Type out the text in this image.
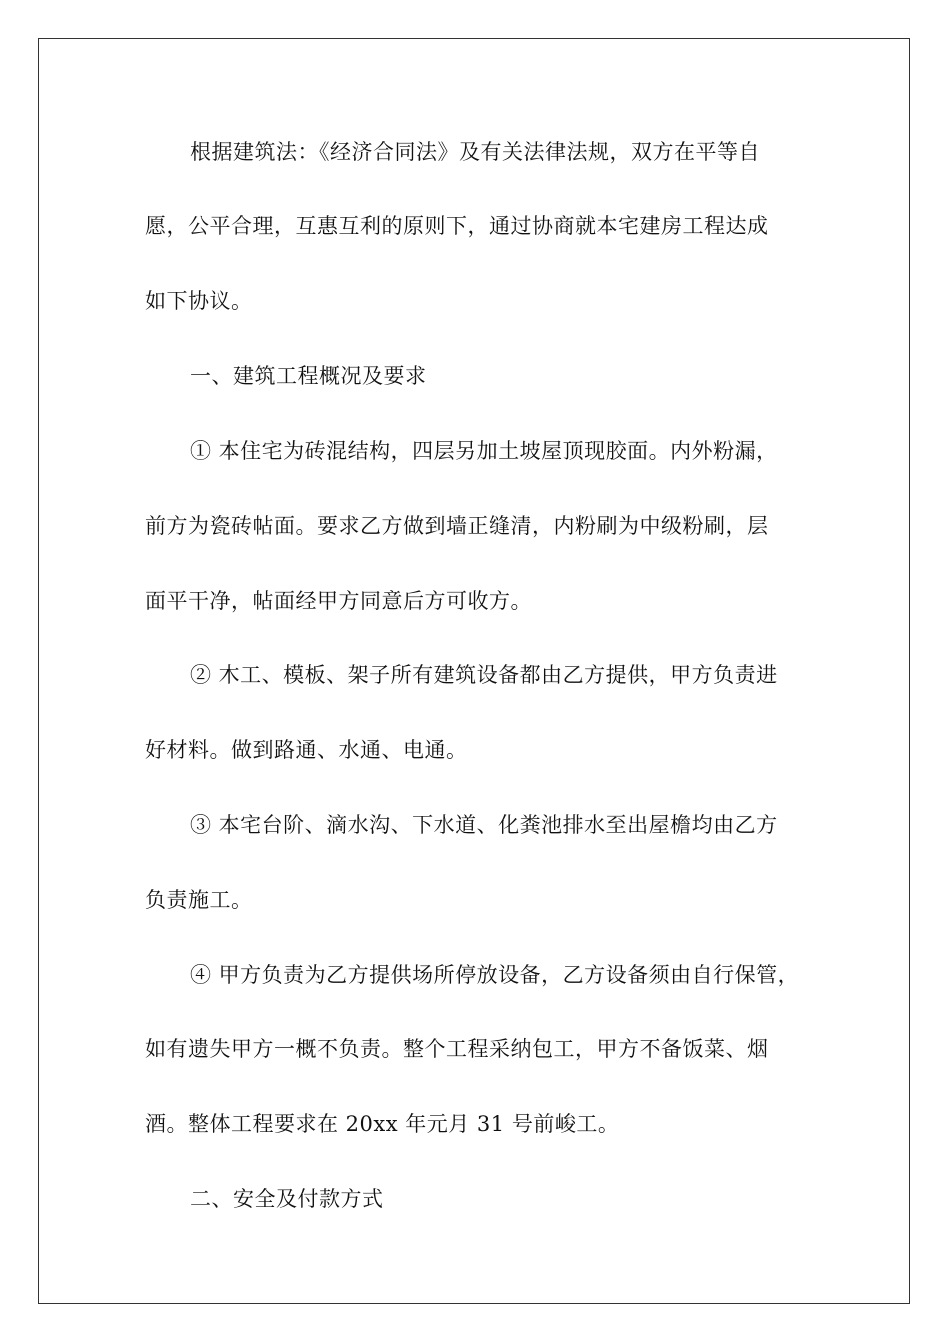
根据建筑法：《经济合同法》及有关法律法规，双方在平等自
愿，公平合理，互惠互利的原则下，通过协商就本宅建房工程达成
如下协议。
一、建筑工程概况及要求
① 本住宅为砖混结构，四层另加土坡屋顶现胶面。内外粉漏，
前方为瓷砖帖面。要求乙方做到墙正缝清，内粉刷为中级粉刷，层
面平干净，帖面经甲方同意后方可收方。
② 木工、模板、架子所有建筑设备都由乙方提供，甲方负责进
好材料。做到路通、水通、电通。
③ 本宅台阶、滴水沟、下水道、化粪池排水至出屋檐均由乙方
负责施工。
④ 甲方负责为乙方提供场所停放设备，乙方设备须由自行保管，
如有遗失甲方一概不负责。整个工程采纳包工，甲方不备饭菜、烟
酒。整体工程要求在 20xx 年元月 31 号前峻工。
二、安全及付款方式
